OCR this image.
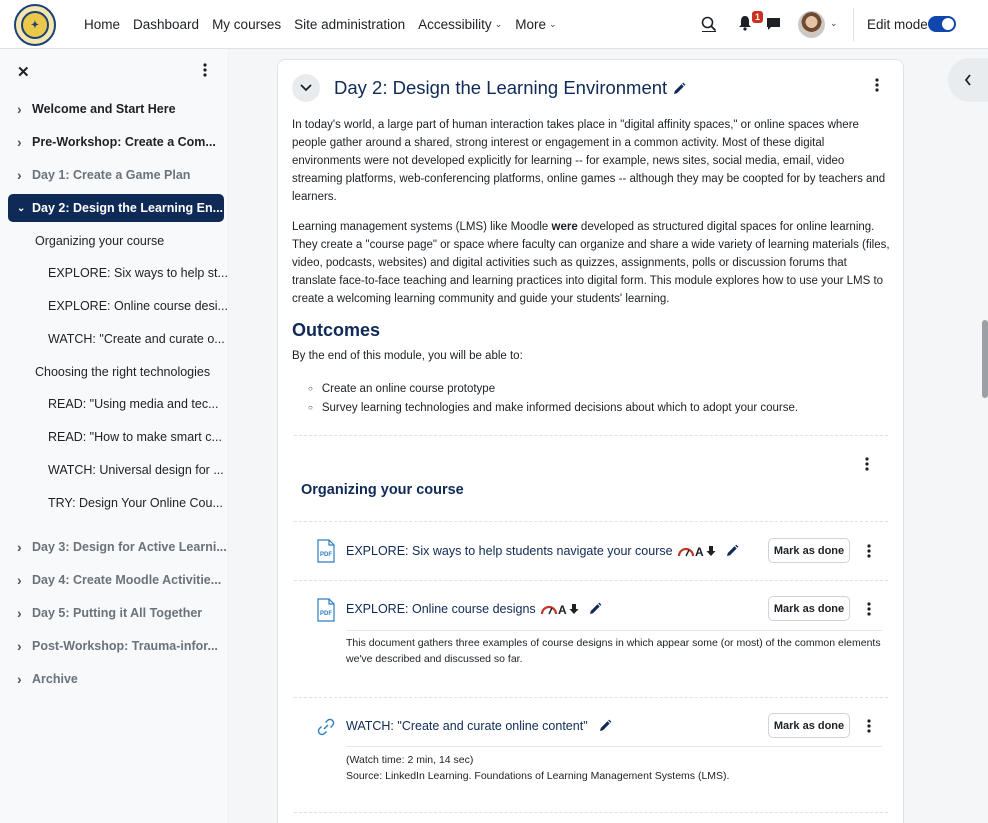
✦	Home Dashboard My courses Site administration Accessibility ⌄ More ⌄
1
⌄ Edit mode
✕
› Welcome and Start Here
› Pre-Workshop: Create a Com...
› Day 1: Create a Game Plan
⌄ Day 2: Design the Learning En...
Organizing your course
EXPLORE: Six ways to help st...
EXPLORE: Online course desi...
WATCH: "Create and curate o...
Choosing the right technologies
READ: "Using media and tec...
READ: "How to make smart c...
WATCH: Universal design for ...
TRY: Design Your Online Cou...
› Day 3: Design for Active Learni...
› Day 4: Create Moodle Activitie...
› Day 5: Putting it All Together
› Post-Workshop: Trauma-infor...
› Archive
Day 2: Design the Learning Environment

In today's world, a large part of human interaction takes place in "digital affinity spaces," or online spaces where people gather around a shared, strong interest or engagement in a common activity. Most of these digital environments were not developed explicitly for learning -- for example, news sites, social media, email, video streaming platforms, web-conferencing platforms, online games -- although they may be coopted for by teachers and learners.

Learning management systems (LMS) like Moodle were developed as structured digital spaces for online learning. They create a "course page" or space where faculty can organize and share a wide variety of learning materials (files, video, podcasts, websites) and digital activities such as quizzes, assignments, polls or discussion forums that translate face-to-face teaching and learning practices into digital form. This module explores how to use your LMS to create a welcoming learning community and guide your students' learning.

Outcomes
By the end of this module, you will be able to:
○ Create an online course prototype
○ Survey learning technologies and make informed decisions about which to adopt your course.
Organizing your course
PDF EXPLORE: Six ways to help students navigate your course A	Mark as done
PDF EXPLORE: Online course designs A	Mark as done

This document gathers three examples of course designs in which appear some (or most) of the common elements we've described and discussed so far.

WATCH: "Create and curate online content"	Mark as done

(Watch time: 2 min, 14 sec)

Source: LinkedIn Learning. Foundations of Learning Management Systems (LMS).
